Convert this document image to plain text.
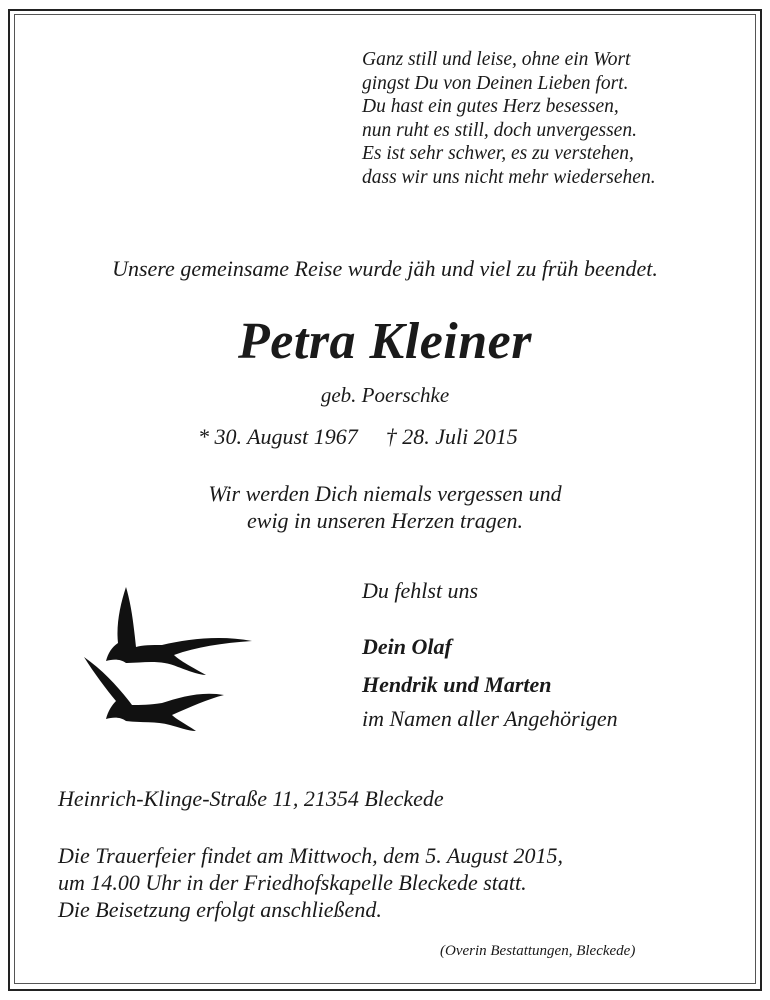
Ganz still und leise, ohne ein Wort
gingst Du von Deinen Lieben fort.
Du hast ein gutes Herz besessen,
nun ruht es still, doch unvergessen.
Es ist sehr schwer, es zu verstehen,
dass wir uns nicht mehr wiedersehen.
Unsere gemeinsame Reise wurde jäh und viel zu früh beendet.
Petra Kleiner
geb. Poerschke
* 30. August 1967 † 28. Juli 2015
Wir werden Dich niemals vergessen und
ewig in unseren Herzen tragen.
Du fehlst uns
Dein Olaf
Hendrik und Marten
im Namen aller Angehörigen
Heinrich-Klinge-Straße 11, 21354 Bleckede
Die Trauerfeier findet am Mittwoch, dem 5. August 2015,
um 14.00 Uhr in der Friedhofskapelle Bleckede statt.
Die Beisetzung erfolgt anschließend.
(Overin Bestattungen, Bleckede)
